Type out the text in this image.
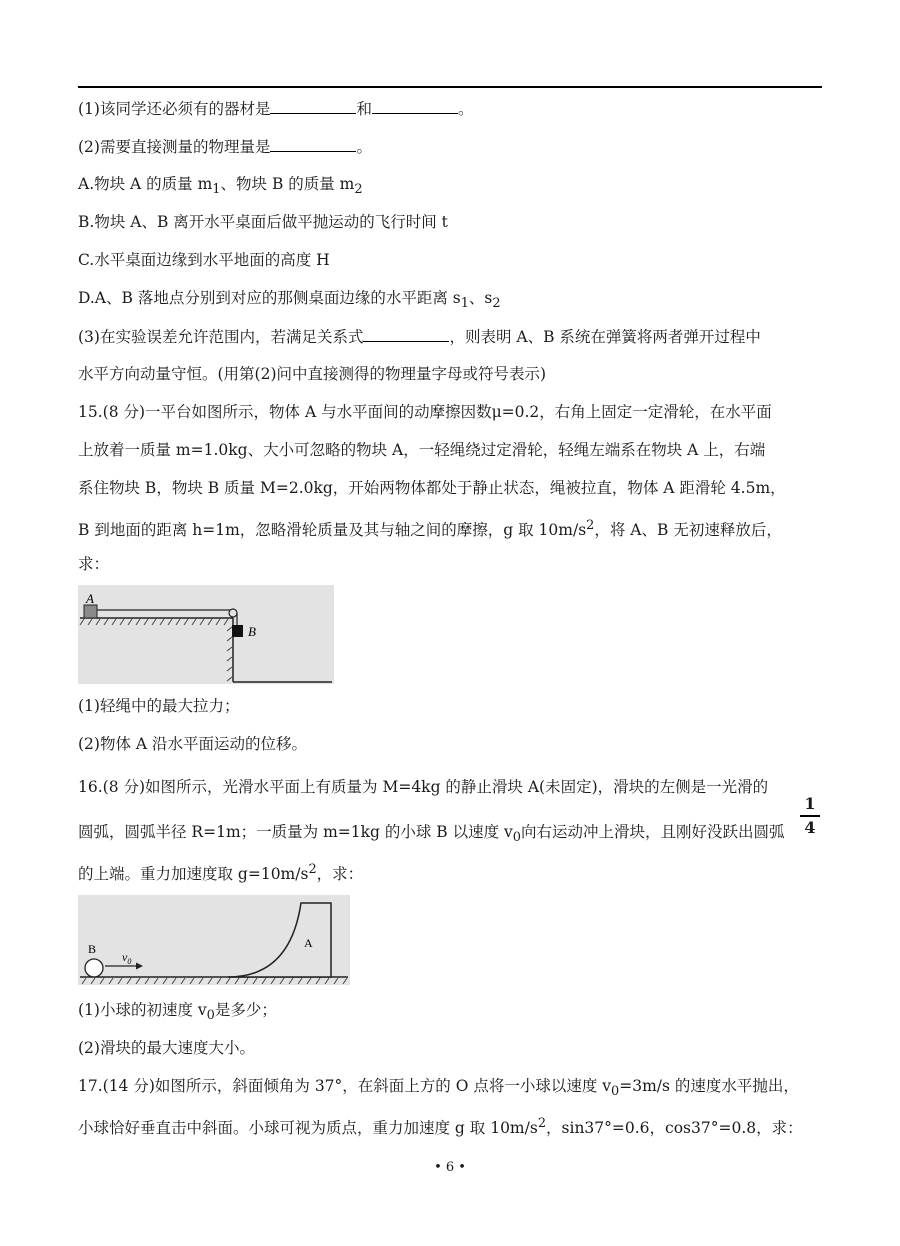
(1)该同学还必须有的器材是	和	。
(2)需要直接测量的物理量是	。
A.物块 A 的质量 $m_1$、物块 B 的质量 $m_2$
B.物块 A、B 离开水平桌面后做平抛运动的飞行时间 t
C.水平桌面边缘到水平地面的高度 H
D.A、B 落地点分别到对应的那侧桌面边缘的水平距离 $s_1$、$s_2$
(3)在实验误差允许范围内，若满足关系式	，则表明 A、B 系统在弹簧将两者弹开过程中
水平方向动量守恒。(用第(2)问中直接测得的物理量字母或符号表示)
15.(8 分)一平台如图所示，物体 A 与水平面间的动摩擦因数μ=0.2，右角上固定一定滑轮，在水平面
上放着一质量 m=1.0kg、大小可忽略的物块 A，一轻绳绕过定滑轮，轻绳左端系在物块 A 上，右端
系住物块 B，物块 B 质量 M=2.0kg，开始两物体都处于静止状态，绳被拉直，物体 A 距滑轮 4.5m，
B 到地面的距离 h=1m，忽略滑轮质量及其与轴之间的摩擦，g 取 $10m/s^2$，将 A、B 无初速释放后，
求：
A
B
(1)轻绳中的最大拉力；
(2)物体 A 沿水平面运动的位移。
16.(8 分)如图所示，光滑水平面上有质量为 M=4kg 的静止滑块 A(未固定)，滑块的左侧是一光滑的
1
4
圆弧，圆弧半径 R=1m；一质量为 m=1kg 的小球 B 以速度 $v_0$向右运动冲上滑块，且刚好没跃出圆弧
的上端。重力加速度取 $g=10m/s^2$，求：
B	A
$v_0$
(1)小球的初速度 $v_0$是多少；
(2)滑块的最大速度大小。
17.(14 分)如图所示，斜面倾角为 37°，在斜面上方的 O 点将一小球以速度 $v_0=3m/s$ 的速度水平抛出，
小球恰好垂直击中斜面。小球可视为质点，重力加速度 g 取 $10m/s^2$，sin37°=0.6，cos37°=0.8，求：
• 6 •
